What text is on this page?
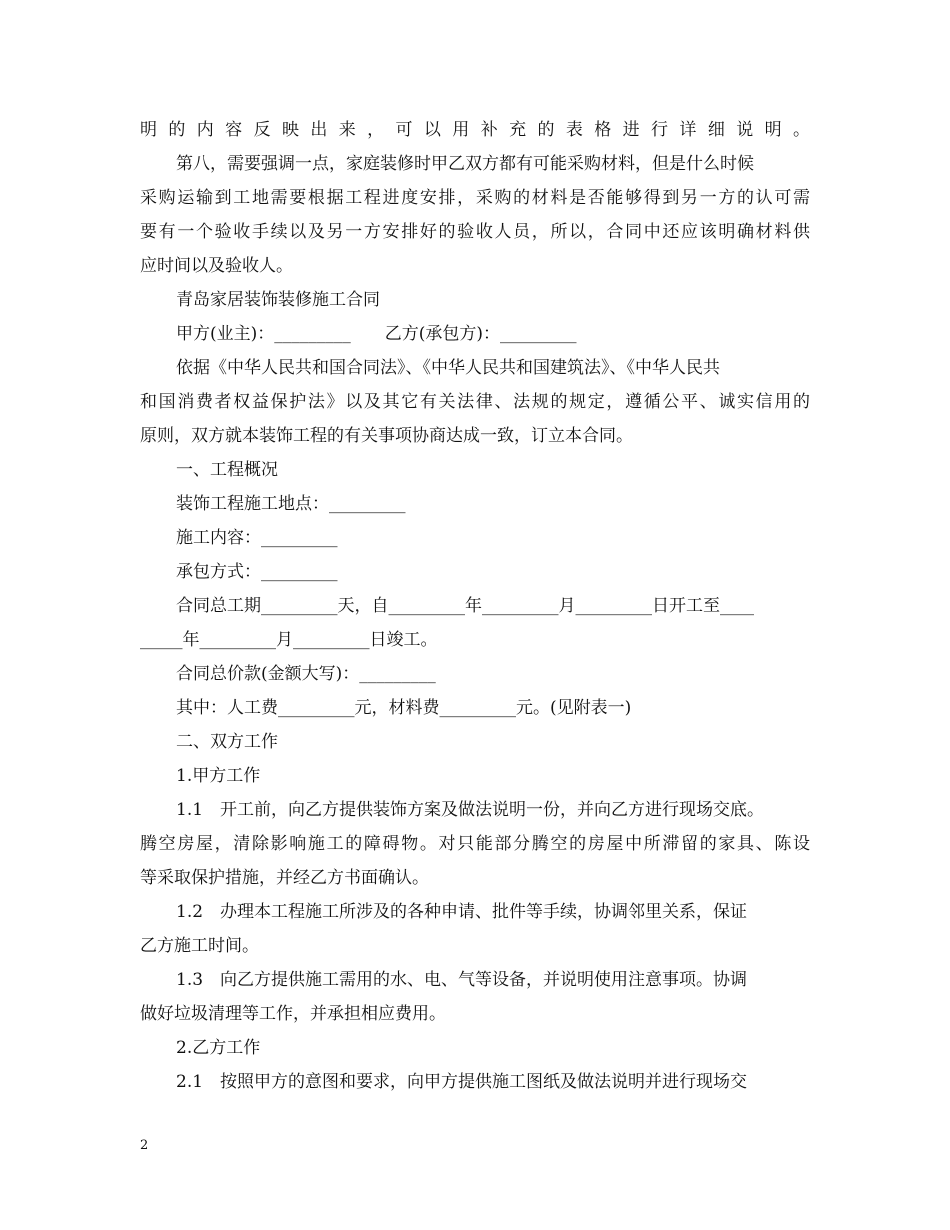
明的内容反映出来，可以用补充的表格进行详细说明。

第八，需要强调一点，家庭装修时甲乙双方都有可能采购材料，但是什么时候

采购运输到工地需要根据工程进度安排，采购的材料是否能够得到另一方的认可需

要有一个验收手续以及另一方安排好的验收人员，所以，合同中还应该明确材料供

应时间以及验收人。

青岛家居装饰装修施工合同

甲方(业主)：_________　　乙方(承包方)：_________

依据《中华人民共和国合同法》、《中华人民共和国建筑法》、《中华人民共

和国消费者权益保护法》以及其它有关法律、法规的规定，遵循公平、诚实信用的

原则，双方就本装饰工程的有关事项协商达成一致，订立本合同。

一、工程概况

装饰工程施工地点：_________

施工内容：_________

承包方式：_________

合同总工期_________天，自_________年_________月_________日开工至____

_____年_________月_________日竣工。

合同总价款(金额大写)：_________

其中：人工费_________元，材料费_________元。(见附表一)

二、双方工作

1.甲方工作

1.1　开工前，向乙方提供装饰方案及做法说明一份，并向乙方进行现场交底。

腾空房屋，清除影响施工的障碍物。对只能部分腾空的房屋中所滞留的家具、陈设

等采取保护措施，并经乙方书面确认。

1.2　办理本工程施工所涉及的各种申请、批件等手续，协调邻里关系，保证

乙方施工时间。

1.3　向乙方提供施工需用的水、电、气等设备，并说明使用注意事项。协调

做好垃圾清理等工作，并承担相应费用。

2.乙方工作

2.1　按照甲方的意图和要求，向甲方提供施工图纸及做法说明并进行现场交

2
